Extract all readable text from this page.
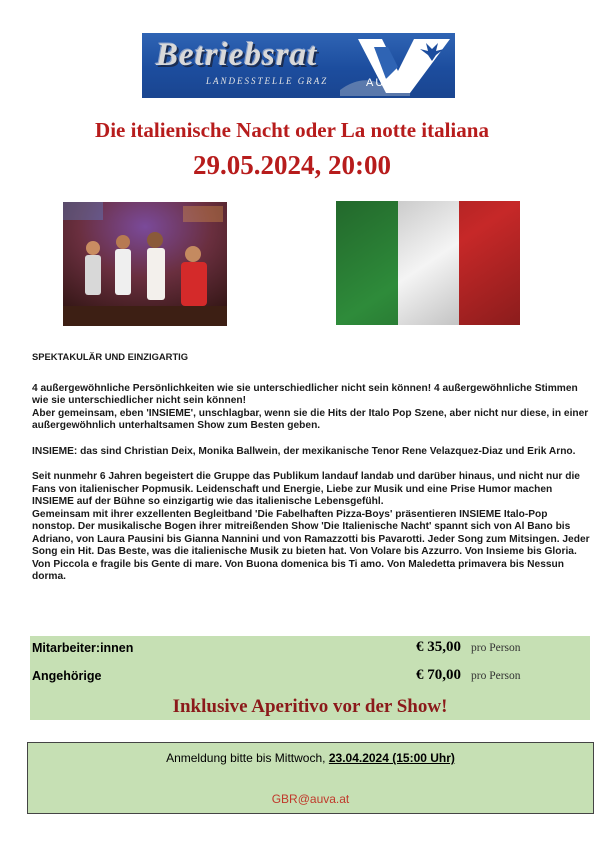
Betriebsrat
LANDESSTELLE GRAZ	AUVA
Die italienische Nacht oder La notte italiana
29.05.2024, 20:00

SPEKTAKULÄR UND EINZIGARTIG

4 außergewöhnliche Persönlichkeiten wie sie unterschiedlicher nicht sein können! 4 außergewöhnliche Stimmen wie sie unterschiedlicher nicht sein können!

Aber gemeinsam, eben 'INSIEME', unschlagbar, wenn sie die Hits der Italo Pop Szene, aber nicht nur diese, in einer außergewöhnlich unterhaltsamen Show zum Besten geben.

INSIEME: das sind Christian Deix, Monika Ballwein, der mexikanische Tenor Rene Velazquez-Diaz und Erik Arno.

Seit nunmehr 6 Jahren begeistert die Gruppe das Publikum landauf landab und darüber hinaus, und nicht nur die Fans von italienischer Popmusik. Leidenschaft und Energie, Liebe zur Musik und eine Prise Humor machen INSIEME auf der Bühne so einzigartig wie das italienische Lebensgefühl.

Gemeinsam mit ihrer exzellenten Begleitband 'Die Fabelhaften Pizza-Boys' präsentieren INSIEME Italo-Pop nonstop. Der musikalische Bogen ihrer mitreißenden Show 'Die Italienische Nacht' spannt sich von Al Bano bis Adriano, von Laura Pausini bis Gianna Nannini und von Ramazzotti bis Pavarotti. Jeder Song zum Mitsingen. Jeder Song ein Hit. Das Beste, was die italienische Musik zu bieten hat. Von Volare bis Azzurro. Von Insieme bis Gloria. Von Piccola e fragile bis Gente di mare. Von Buona domenica bis Ti amo. Von Maledetta primavera bis Nessun dorma.

Mitarbeiter:innen	€ 35,00 pro Person
Angehörige	€ 70,00 pro Person
Inklusive Aperitivo vor der Show!
Anmeldung bitte bis Mittwoch, 23.04.2024 (15:00 Uhr)
GBR@auva.at
